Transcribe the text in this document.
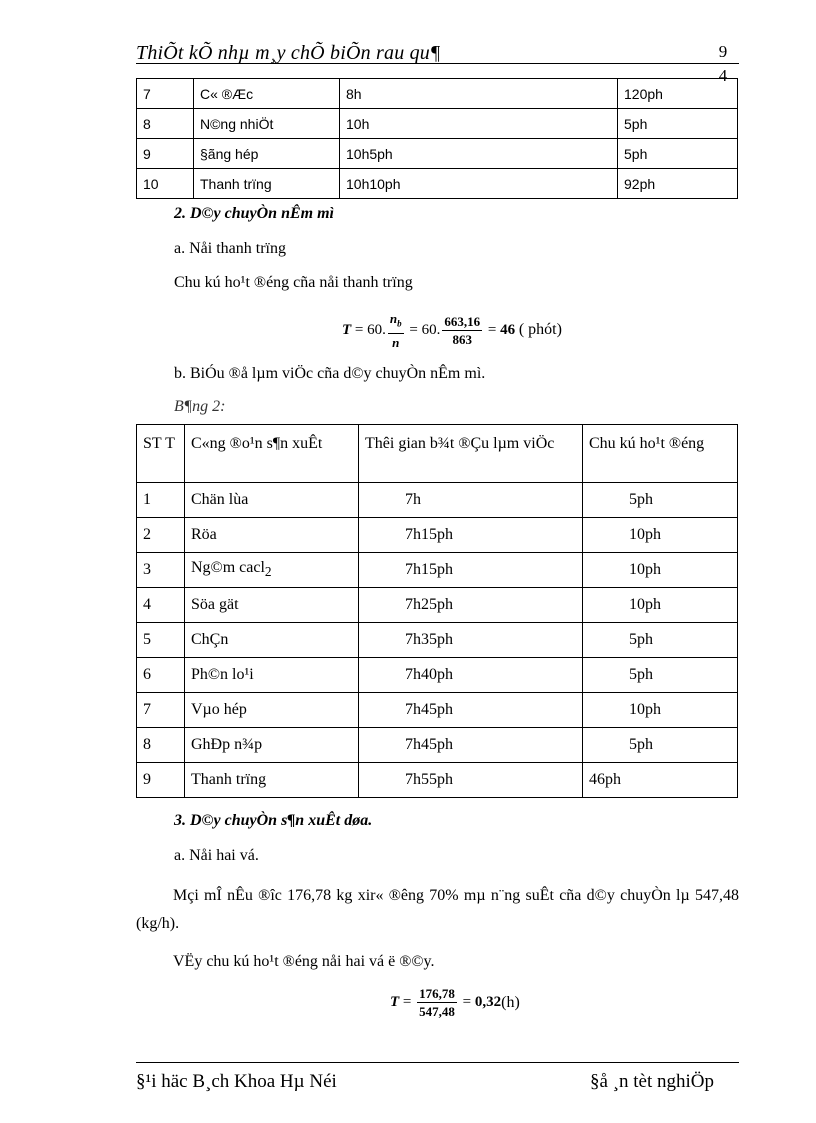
ThiÕt kÕ nhµ m¸y chÕ biÕn rau qu¶	9
4
7	C« ®Æc	8h	120ph
8	N©ng nhiÖt	10h	5ph
9	§ãng hép	10h5ph	5ph
10	Thanh trïng	10h10ph	92ph
2. D©y chuyÒn nÊm mì
a. Nåi thanh trïng
Chu kú ho¹t ®éng cña nåi thanh trïng
T = 60. $\frac{n_b}{n} = 60$. $\frac{663,16}{863} = 46$
( phót)
b. BiÓu ®å lµm viÖc cña d©y chuyÒn nÊm mì.
B¶ng 2:
ST T	C«ng ®o¹n s¶n xuÊt	Thêi gian b¾t ®Çu lµm viÖc	Chu kú ho¹t ®éng
1	Chän lùa	7h	5ph
2	Röa	7h15ph	10ph
3	Ng©m cacl$_2$	7h15ph	10ph
4	Söa gät	7h25ph	10ph
5	ChÇn	7h35ph	5ph
6	Ph©n lo¹i	7h40ph	5ph
7	Vµo hép	7h45ph	10ph
8	GhÐp n¾p	7h45ph	5ph
9	Thanh trïng	7h55ph	46ph
3. D©y chuyÒn s¶n xuÊt døa.
a. Nåi hai vá.
Mçi mÎ nÊu ®îc 176,78 kg xir« ®êng 70% mµ n¨ng suÊt cña d©y chuyÒn lµ 547,48 (kg/h).
VËy chu kú ho¹t ®éng nåi hai vá ë ®©y.
$T = \frac{176,78}{547,48} = 0,32$ (h)
§¹i häc B¸ch Khoa Hµ Néi	§å ¸n tèt nghiÖp
